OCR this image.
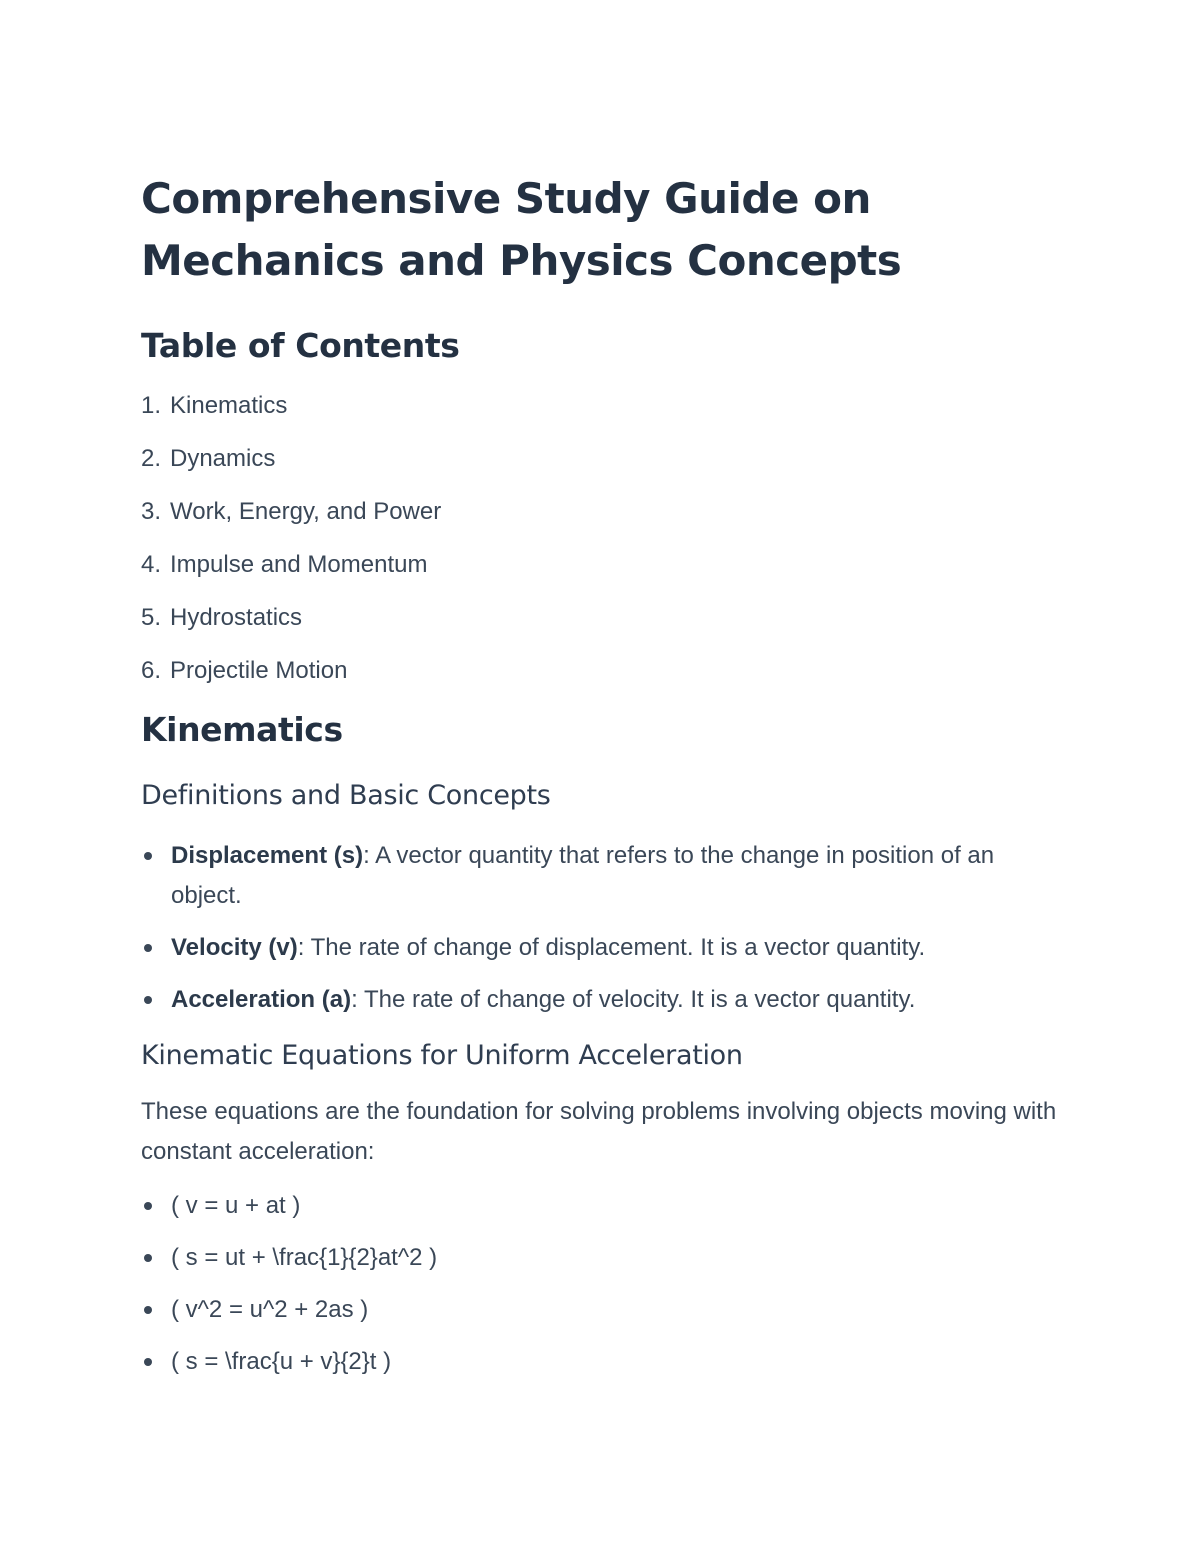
Comprehensive Study Guide on Mechanics and Physics Concepts
Table of Contents
1. Kinematics
2. Dynamics
3. Work, Energy, and Power
4. Impulse and Momentum
5. Hydrostatics
6. Projectile Motion
Kinematics
Definitions and Basic Concepts
Displacement (s): A vector quantity that refers to the change in position of an object.
Velocity (v): The rate of change of displacement. It is a vector quantity.
Acceleration (a): The rate of change of velocity. It is a vector quantity.
Kinematic Equations for Uniform Acceleration

These equations are the foundation for solving problems involving objects moving with constant acceleration:

( v = u + at )
( s = ut + \frac{1}{2}at^2 )
( v^2 = u^2 + 2as )
( s = \frac{u + v}{2}t )
